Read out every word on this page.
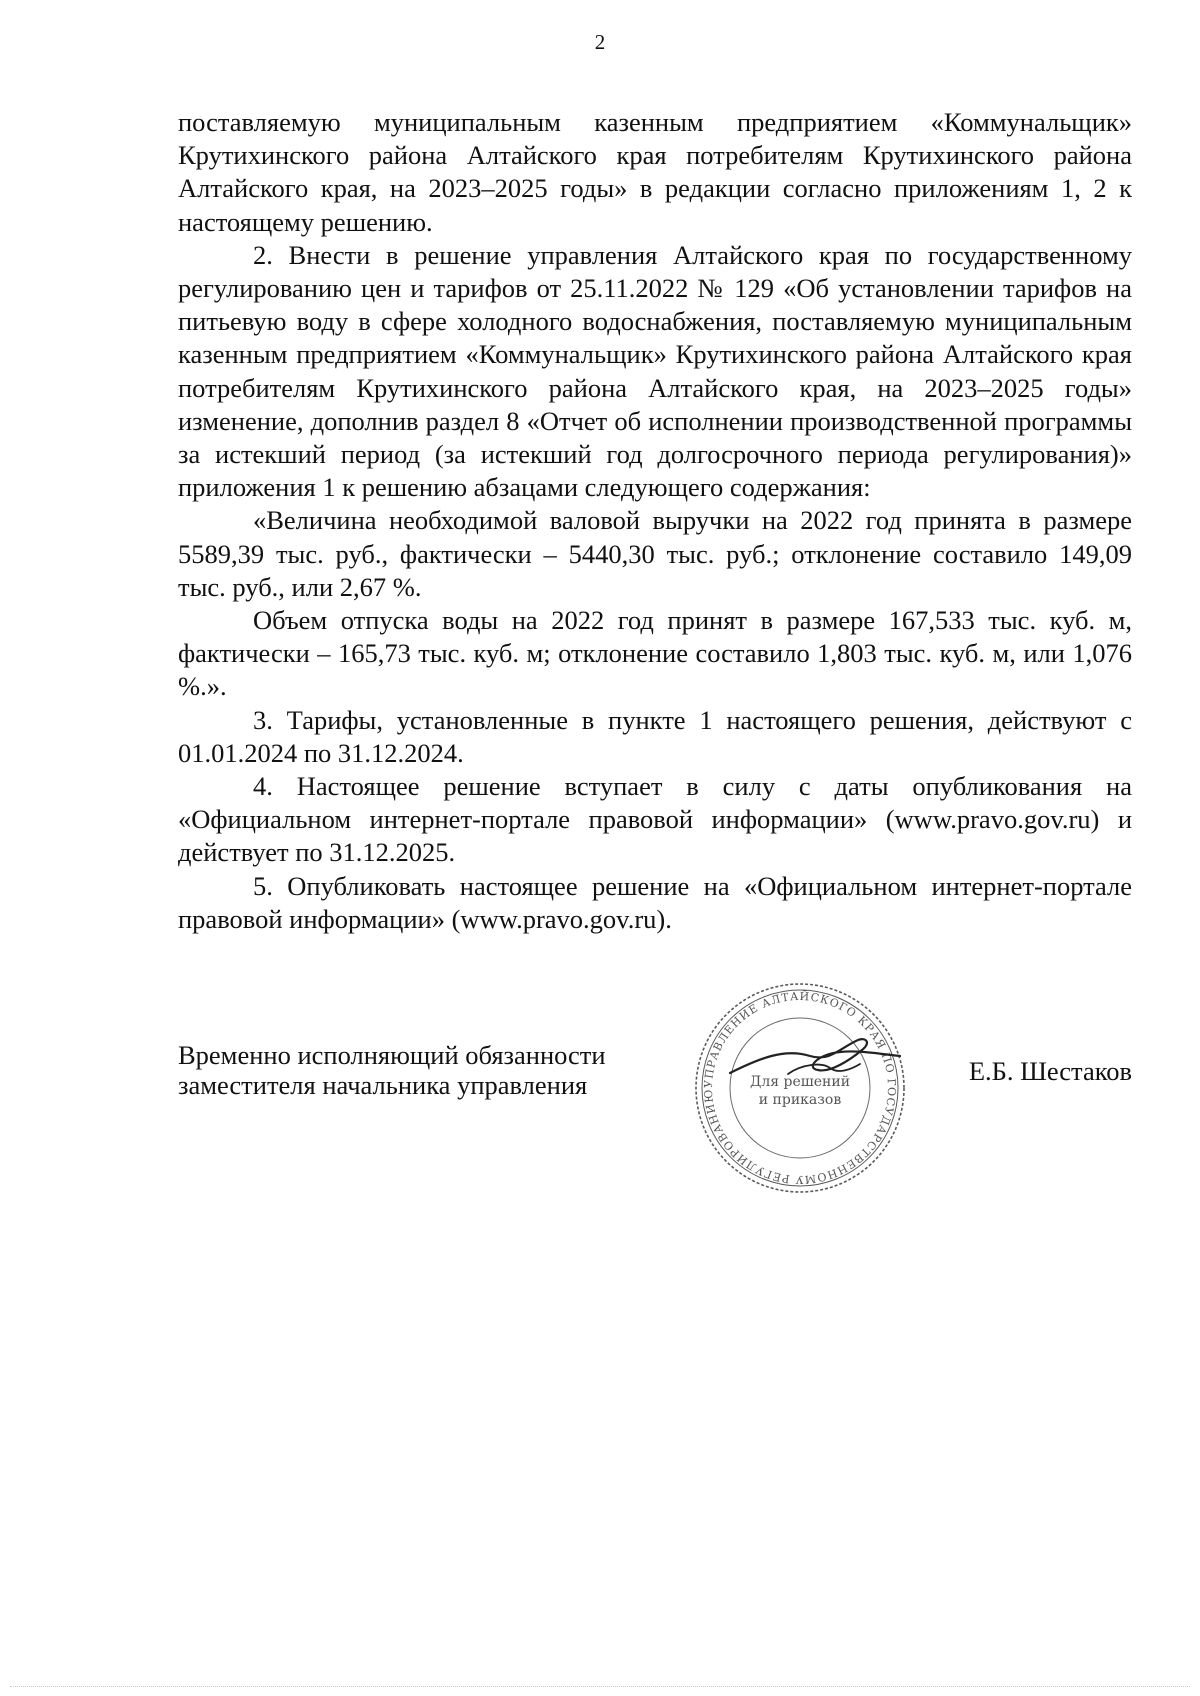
2

поставляемую муниципальным казенным предприятием «Коммунальщик» Крутихинского района Алтайского края потребителям Крутихинского района Алтайского края, на 2023–2025 годы» в редакции согласно приложениям 1, 2 к настоящему решению.

2. Внести в решение управления Алтайского края по государственному регулированию цен и тарифов от 25.11.2022 № 129 «Об установлении тарифов на питьевую воду в сфере холодного водоснабжения, поставляемую муниципальным казенным предприятием «Коммунальщик» Крутихинского района Алтайского края потребителям Крутихинского района Алтайского края, на 2023–2025 годы» изменение, дополнив раздел 8 «Отчет об исполнении производственной программы за истекший период (за истекший год долгосрочного периода регулирования)» приложения 1 к решению абзацами следующего содержания:

«Величина необходимой валовой выручки на 2022 год принята в размере 5589,39 тыс. руб., фактически – 5440,30 тыс. руб.; отклонение составило 149,09 тыс. руб., или 2,67 %.

Объем отпуска воды на 2022 год принят в размере 167,533 тыс. куб. м, фактически – 165,73 тыс. куб. м; отклонение составило 1,803 тыс. куб. м, или 1,076 %.».

3. Тарифы, установленные в пункте 1 настоящего решения, действуют с 01.01.2024 по 31.12.2024.

4. Настоящее решение вступает в силу с даты опубликования на «Официальном интернет-портале правовой информации» (www.pravo.gov.ru) и действует по 31.12.2025.

5. Опубликовать настоящее решение на «Официальном интернет-портале правовой информации» (www.pravo.gov.ru).

УПРАВЛЕНИЕ АЛТАЙСКОГО КРАЯ ПО ГОСУДАРСТВЕННОМУ РЕГУЛИРОВАНИЮ
Для решений
и приказов
Временно исполняющий обязанности
заместителя начальника управления	Е.Б. Шестаков
